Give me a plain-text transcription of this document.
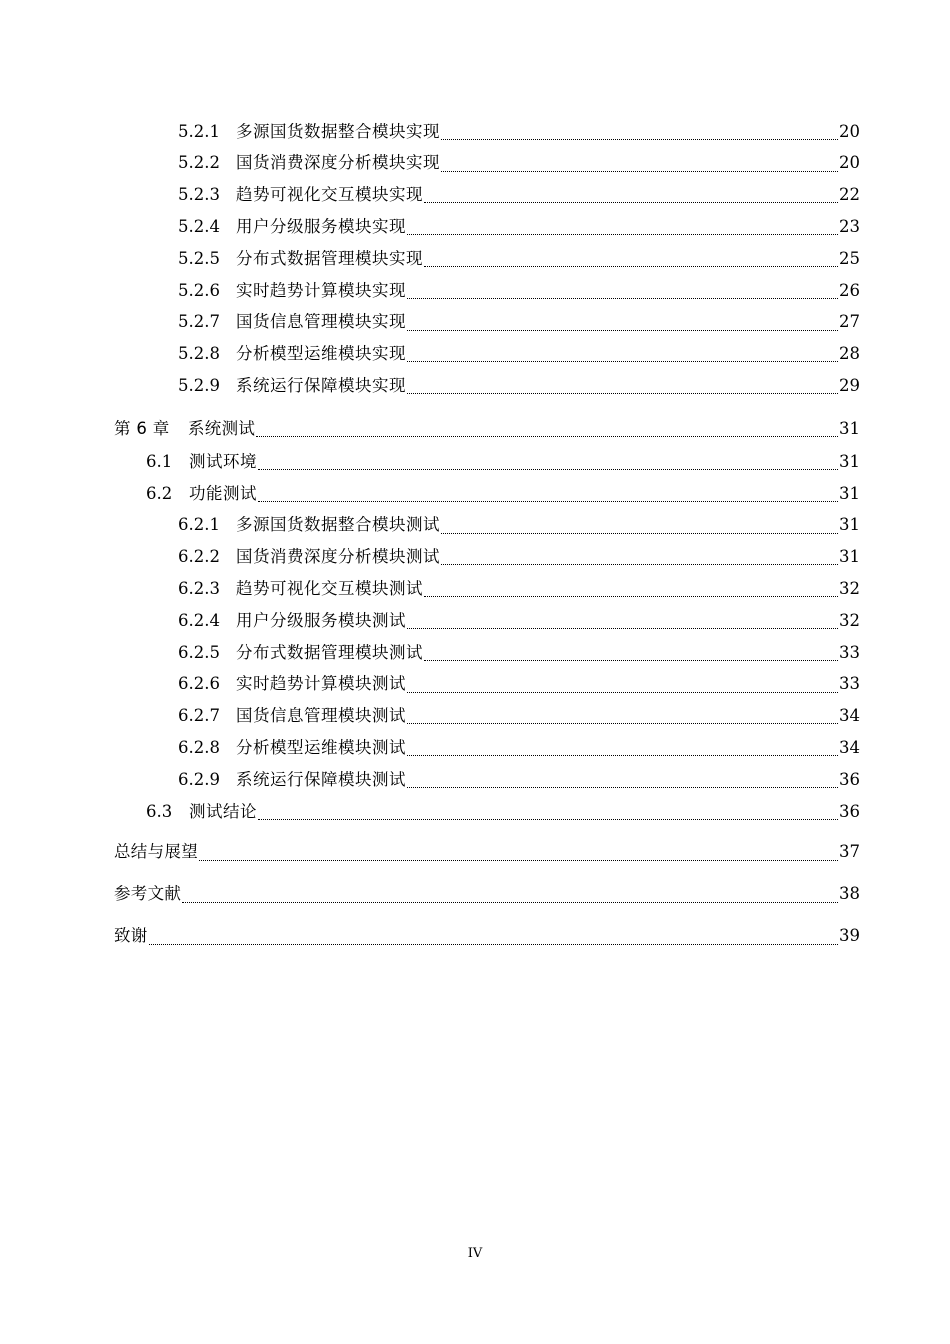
5.2.1 多源国货数据整合模块实现	20
5.2.2 国货消费深度分析模块实现	20
5.2.3 趋势可视化交互模块实现	22
5.2.4 用户分级服务模块实现	23
5.2.5 分布式数据管理模块实现	25
5.2.6 实时趋势计算模块实现	26
5.2.7 国货信息管理模块实现	27
5.2.8 分析模型运维模块实现	28
5.2.9 系统运行保障模块实现	29
第 6 章	系统测试	31
6.1	测试环境	31
6.2	功能测试	31
6.2.1 多源国货数据整合模块测试	31
6.2.2 国货消费深度分析模块测试	31
6.2.3 趋势可视化交互模块测试	32
6.2.4 用户分级服务模块测试	32
6.2.5 分布式数据管理模块测试	33
6.2.6 实时趋势计算模块测试	33
6.2.7 国货信息管理模块测试	34
6.2.8 分析模型运维模块测试	34
6.2.9 系统运行保障模块测试	36
6.3	测试结论	36
总结与展望	37
参考文献	38
致谢	39
IV
